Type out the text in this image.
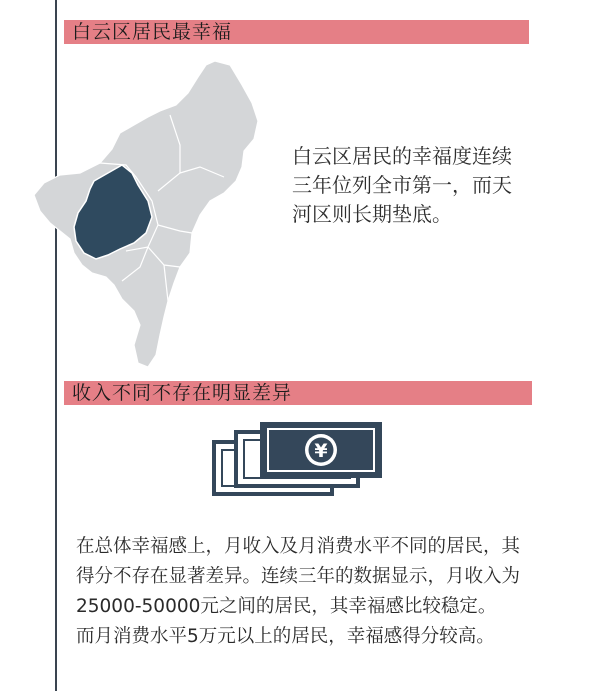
白云区居民最幸福

白云区居民的幸福度连续

三年位列全市第一，而天

河区则长期垫底。

收入不同不存在明显差异
¥

在总体幸福感上，月收入及月消费水平不同的居民，其

得分不存在显著差异。连续三年的数据显示，月收入为

25000-50000元之间的居民，其幸福感比较稳定。

而月消费水平5万元以上的居民，幸福感得分较高。
